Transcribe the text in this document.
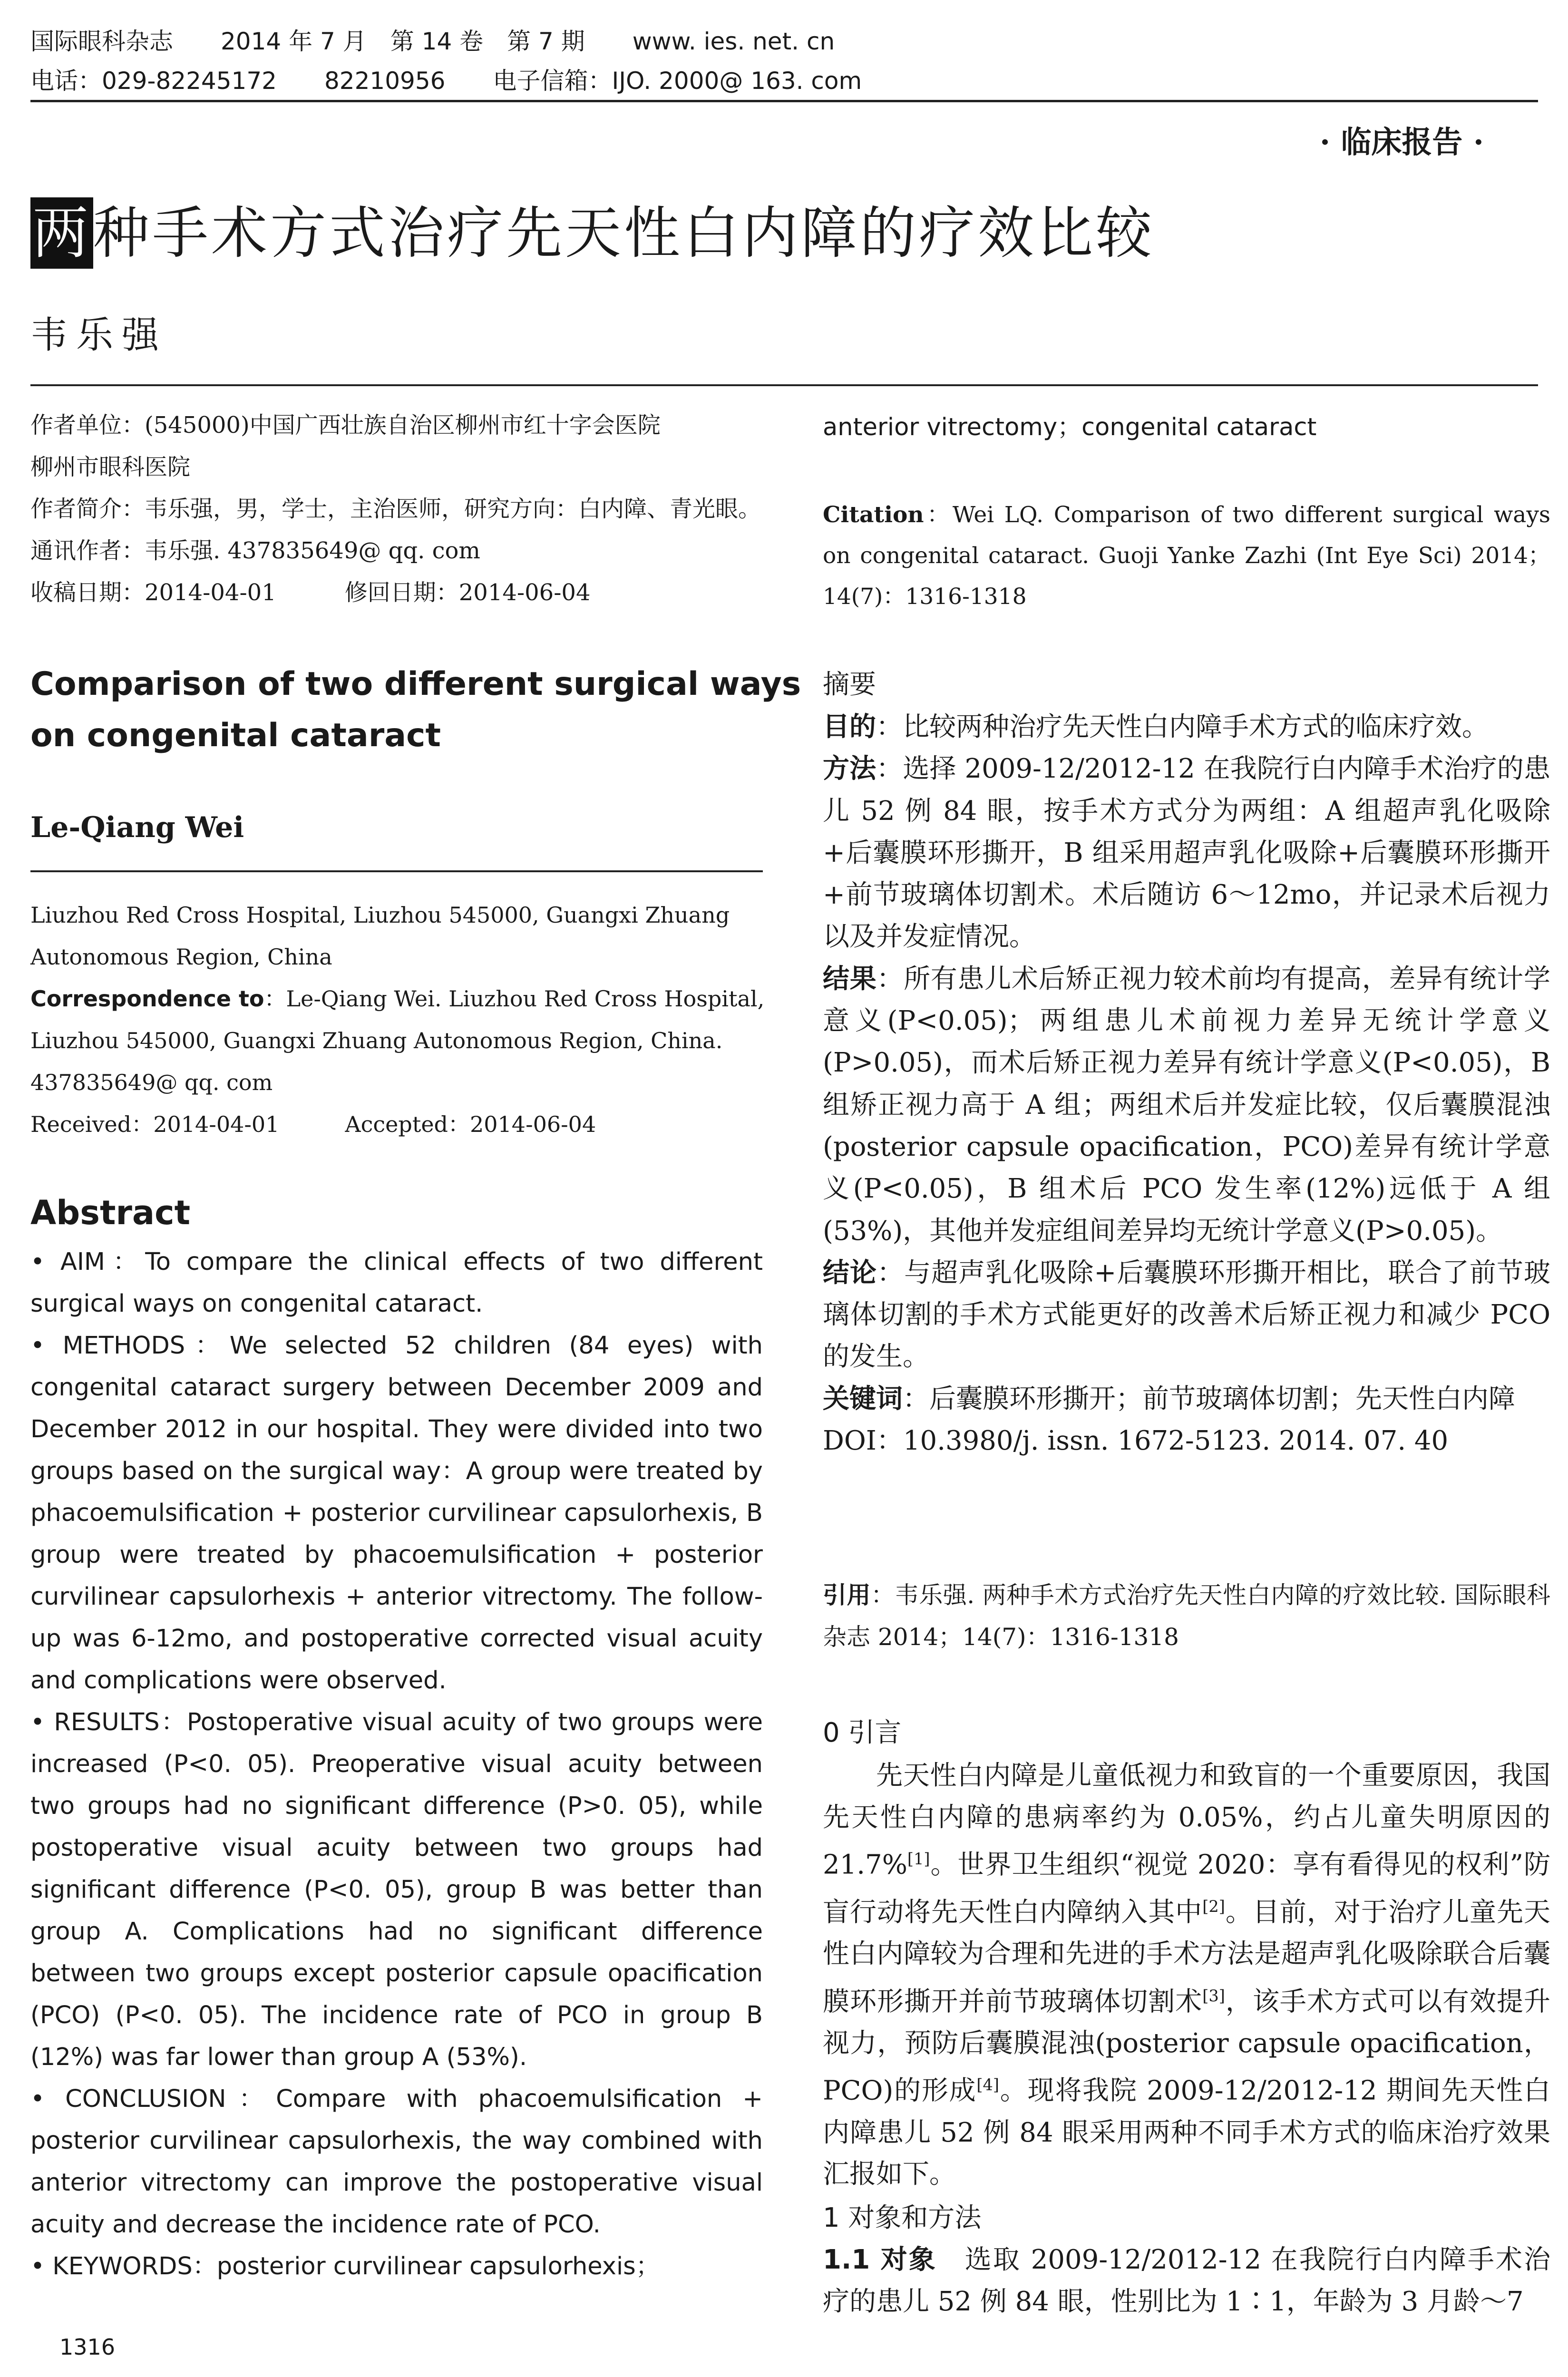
国际眼科杂志　　2014 年 7 月　第 14 卷　第 7 期　　www. ies. net. cn
电话：029-82245172　　82210956　　电子信箱：IJO. 2000@ 163. com
· 临床报告 ·
两种手术方式治疗先天性白内障的疗效比较
韦乐强
作者单位：(545000)中国广西壮族自治区柳州市红十字会医院
柳州市眼科医院
作者简介：韦乐强，男，学士，主治医师，研究方向：白内障、青光眼。
通讯作者：韦乐强. 437835649@ qq. com
收稿日期：2014-04-01　　　修回日期：2014-06-04
Comparison of two different surgical ways
on congenital cataract
Le-Qiang Wei
Liuzhou Red Cross Hospital, Liuzhou 545000, Guangxi Zhuang
Autonomous Region, China
Correspondence to：Le-Qiang Wei. Liuzhou Red Cross Hospital,
Liuzhou 545000, Guangxi Zhuang Autonomous Region, China.
437835649@ qq. com
Received：2014-04-01　　　Accepted：2014-06-04
Abstract
• AIM：To compare the clinical effects of two different surgical ways on congenital cataract.
• METHODS：We selected 52 children (84 eyes) with congenital cataract surgery between December 2009 and December 2012 in our hospital. They were divided into two groups based on the surgical way：A group were treated by phacoemulsification + posterior curvilinear capsulorhexis, B group were treated by phacoemulsification + posterior curvilinear capsulorhexis + anterior vitrectomy. The follow-up was 6-12mo, and postoperative corrected visual acuity and complications were observed.
• RESULTS：Postoperative visual acuity of two groups were increased (P<0. 05). Preoperative visual acuity between two groups had no significant difference (P>0. 05), while postoperative visual acuity between two groups had significant difference (P<0. 05), group B was better than group A. Complications had no significant difference between two groups except posterior capsule opacification (PCO) (P<0. 05). The incidence rate of PCO in group B (12%) was far lower than group A (53%).
• CONCLUSION：Compare with phacoemulsification + posterior curvilinear capsulorhexis, the way combined with anterior vitrectomy can improve the postoperative visual acuity and decrease the incidence rate of PCO.
• KEYWORDS：posterior curvilinear capsulorhexis；
1316
anterior vitrectomy；congenital cataract
Citation：Wei LQ. Comparison of two different surgical ways on congenital cataract. Guoji Yanke Zazhi (Int Eye Sci) 2014；14(7)：1316-1318
摘要
目的：比较两种治疗先天性白内障手术方式的临床疗效。
方法：选择 2009-12/2012-12 在我院行白内障手术治疗的患儿 52 例 84 眼，按手术方式分为两组：A 组超声乳化吸除+后囊膜环形撕开，B 组采用超声乳化吸除+后囊膜环形撕开+前节玻璃体切割术。术后随访 6～12mo，并记录术后视力以及并发症情况。
结果：所有患儿术后矫正视力较术前均有提高，差异有统计学意义(P<0.05)；两组患儿术前视力差异无统计学意义(P>0.05)，而术后矫正视力差异有统计学意义(P<0.05)，B 组矫正视力高于 A 组；两组术后并发症比较，仅后囊膜混浊(posterior capsule opacification，PCO)差异有统计学意义(P<0.05)，B 组术后 PCO 发生率(12%)远低于 A 组(53%)，其他并发症组间差异均无统计学意义(P>0.05)。
结论：与超声乳化吸除+后囊膜环形撕开相比，联合了前节玻璃体切割的手术方式能更好的改善术后矫正视力和减少 PCO 的发生。
关键词：后囊膜环形撕开；前节玻璃体切割；先天性白内障
DOI：10.3980/j. issn. 1672-5123. 2014. 07. 40
引用：韦乐强. 两种手术方式治疗先天性白内障的疗效比较. 国际眼科杂志 2014；14(7)：1316-1318
0 引言
先天性白内障是儿童低视力和致盲的一个重要原因，我国先天性白内障的患病率约为 0.05%，约占儿童失明原因的 21.7%[1]。世界卫生组织“视觉 2020：享有看得见的权利”防盲行动将先天性白内障纳入其中[2]。目前，对于治疗儿童先天性白内障较为合理和先进的手术方法是超声乳化吸除联合后囊膜环形撕开并前节玻璃体切割术[3]，该手术方式可以有效提升视力，预防后囊膜混浊(posterior capsule opacification，PCO)的形成[4]。现将我院 2009-12/2012-12 期间先天性白内障患儿 52 例 84 眼采用两种不同手术方式的临床治疗效果汇报如下。
1 对象和方法
1.1 对象　选取 2009-12/2012-12 在我院行白内障手术治疗的患儿 52 例 84 眼，性别比为 1∶1，年龄为 3 月龄～7
